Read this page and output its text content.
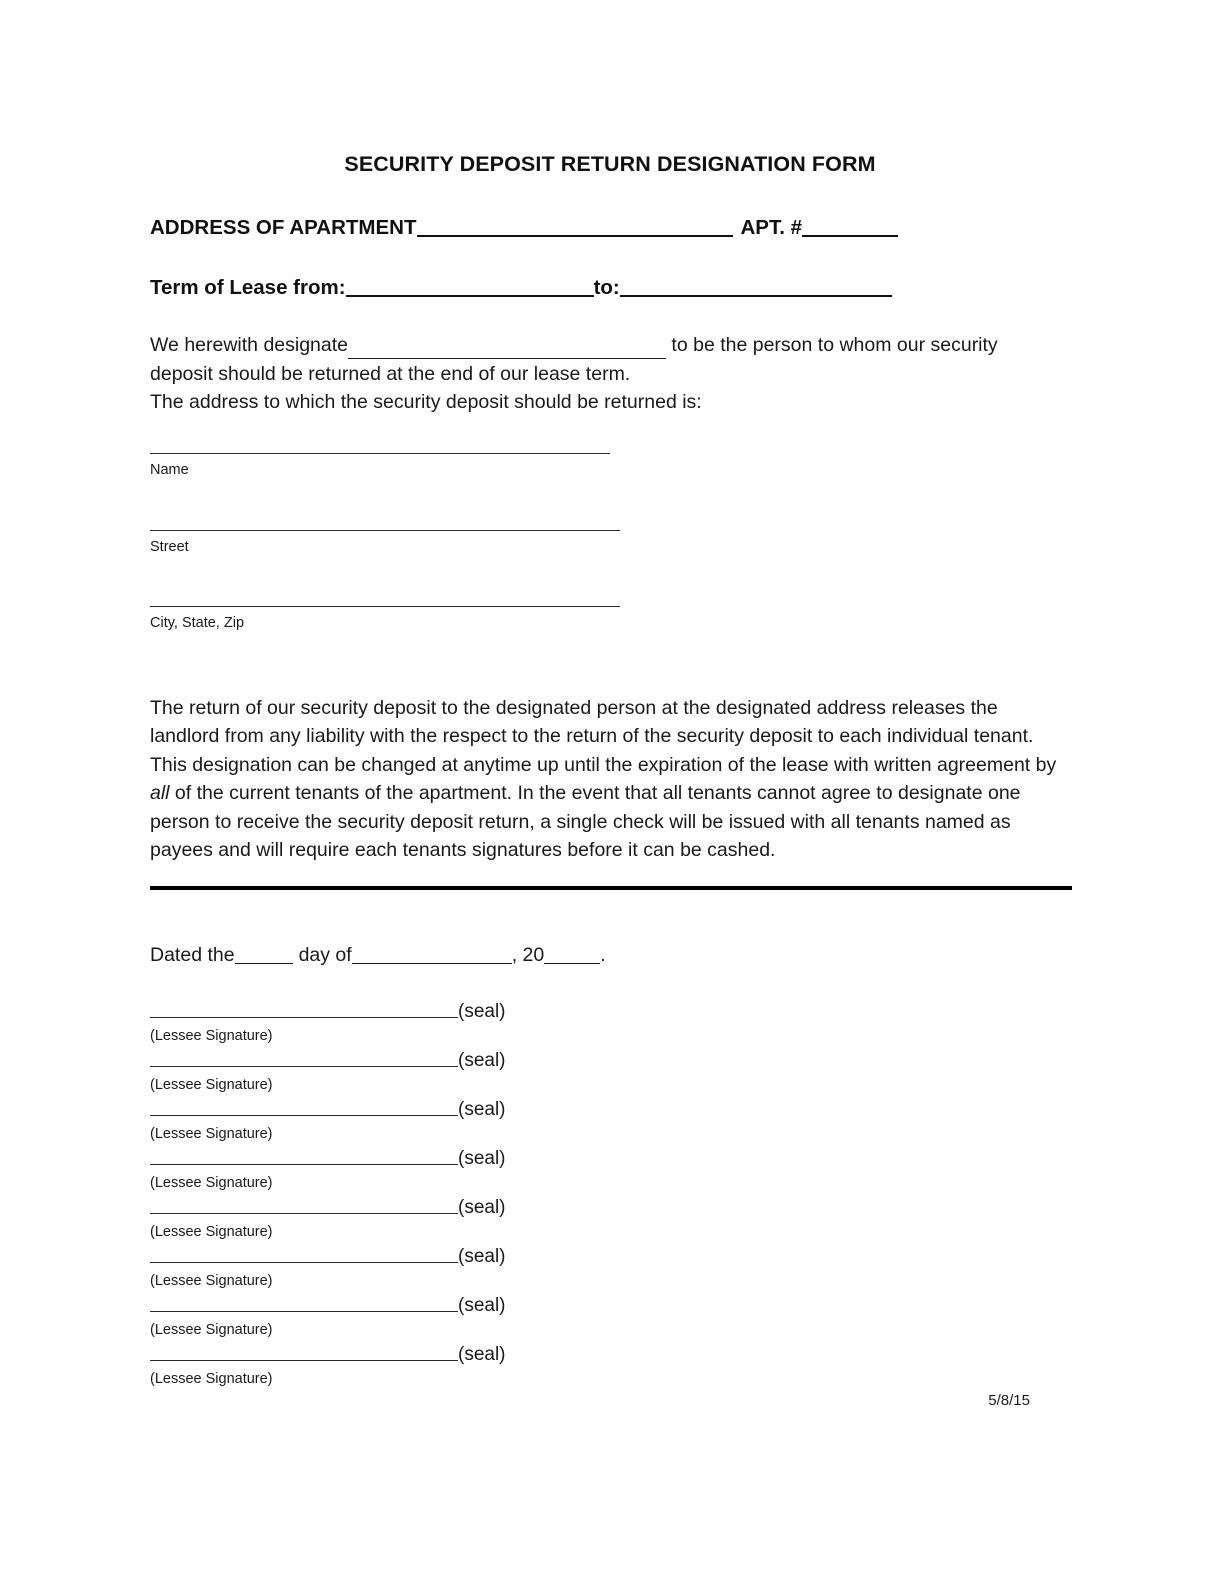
SECURITY DEPOSIT RETURN DESIGNATION FORM
ADDRESS OF APARTMENT	APT. #
Term of Lease from:	to:
We herewith designate	to be the person to whom our security
deposit should be returned at the end of our lease term.
The address to which the security deposit should be returned is:
Name
Street
City, State, Zip
The return of our security deposit to the designated person at the designated address releases the landlord from any liability with the respect to the return of the security deposit to each individual tenant. This designation can be changed at anytime up until the expiration of the lease with written agreement by all of the current tenants of the apartment. In the event that all tenants cannot agree to designate one person to receive the security deposit return, a single check will be issued with all tenants named as payees and will require each tenants signatures before it can be cashed.
Dated the	day of	, 20	.
(seal)
(Lessee Signature)
(seal)
(Lessee Signature)
(seal)
(Lessee Signature)
(seal)
(Lessee Signature)
(seal)
(Lessee Signature)
(seal)
(Lessee Signature)
(seal)
(Lessee Signature)
(seal)
(Lessee Signature)
5/8/15
